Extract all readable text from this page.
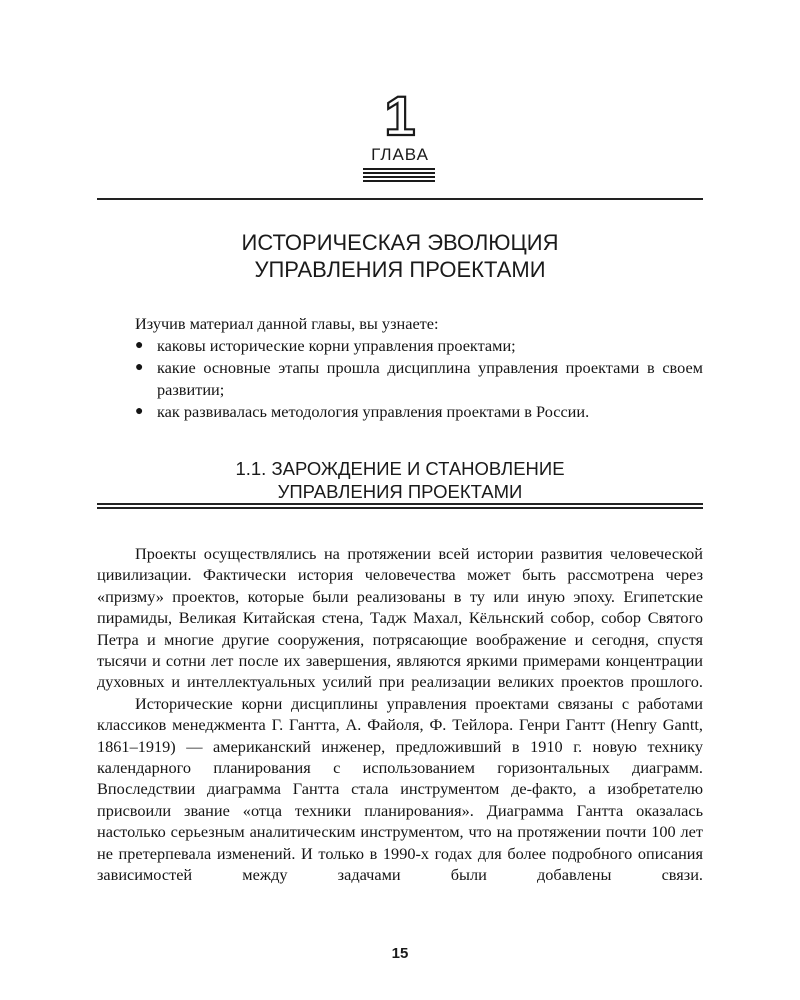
1
ГЛАВА
ИСТОРИЧЕСКАЯ ЭВОЛЮЦИЯ
УПРАВЛЕНИЯ ПРОЕКТАМИ
Изучив материал данной главы, вы узнаете:
● каковы исторические корни управления проектами;
● какие основные этапы прошла дисциплина управления проектами в своем развитии;
● как развивалась методология управления проектами в России.
1.1. ЗАРОЖДЕНИЕ И СТАНОВЛЕНИЕ
УПРАВЛЕНИЯ ПРОЕКТАМИ

Проекты осуществлялись на протяжении всей истории развития человеческой цивилизации. Фактически история человечества может быть рассмотрена через «призму» проектов, которые были реализованы в ту или иную эпоху. Египетские пирамиды, Великая Китайская стена, Тадж Махал, Кёльнский собор, собор Святого Петра и многие другие сооружения, потрясающие воображение и сегодня, спустя тысячи и сотни лет после их завершения, являются яркими примерами концентрации духовных и интеллектуальных усилий при реализации великих проектов прошлого.

Исторические корни дисциплины управления проектами связаны с работами классиков менеджмента Г. Гантта, А. Файоля, Ф. Тейлора. Генри Гантт (Henry Gantt, 1861–1919) — американский инженер, предложивший в 1910 г. новую технику календарного планирования с использованием горизонтальных диаграмм. Впоследствии диаграмма Гантта стала инструментом де-факто, а изобретателю присвоили звание «отца техники планирования». Диаграмма Гантта оказалась настолько серьезным аналитическим инструментом, что на протяжении почти 100 лет не претерпевала изменений. И только в 1990-х годах для более подробного описания зависимостей между задачами были добавлены связи.

15
